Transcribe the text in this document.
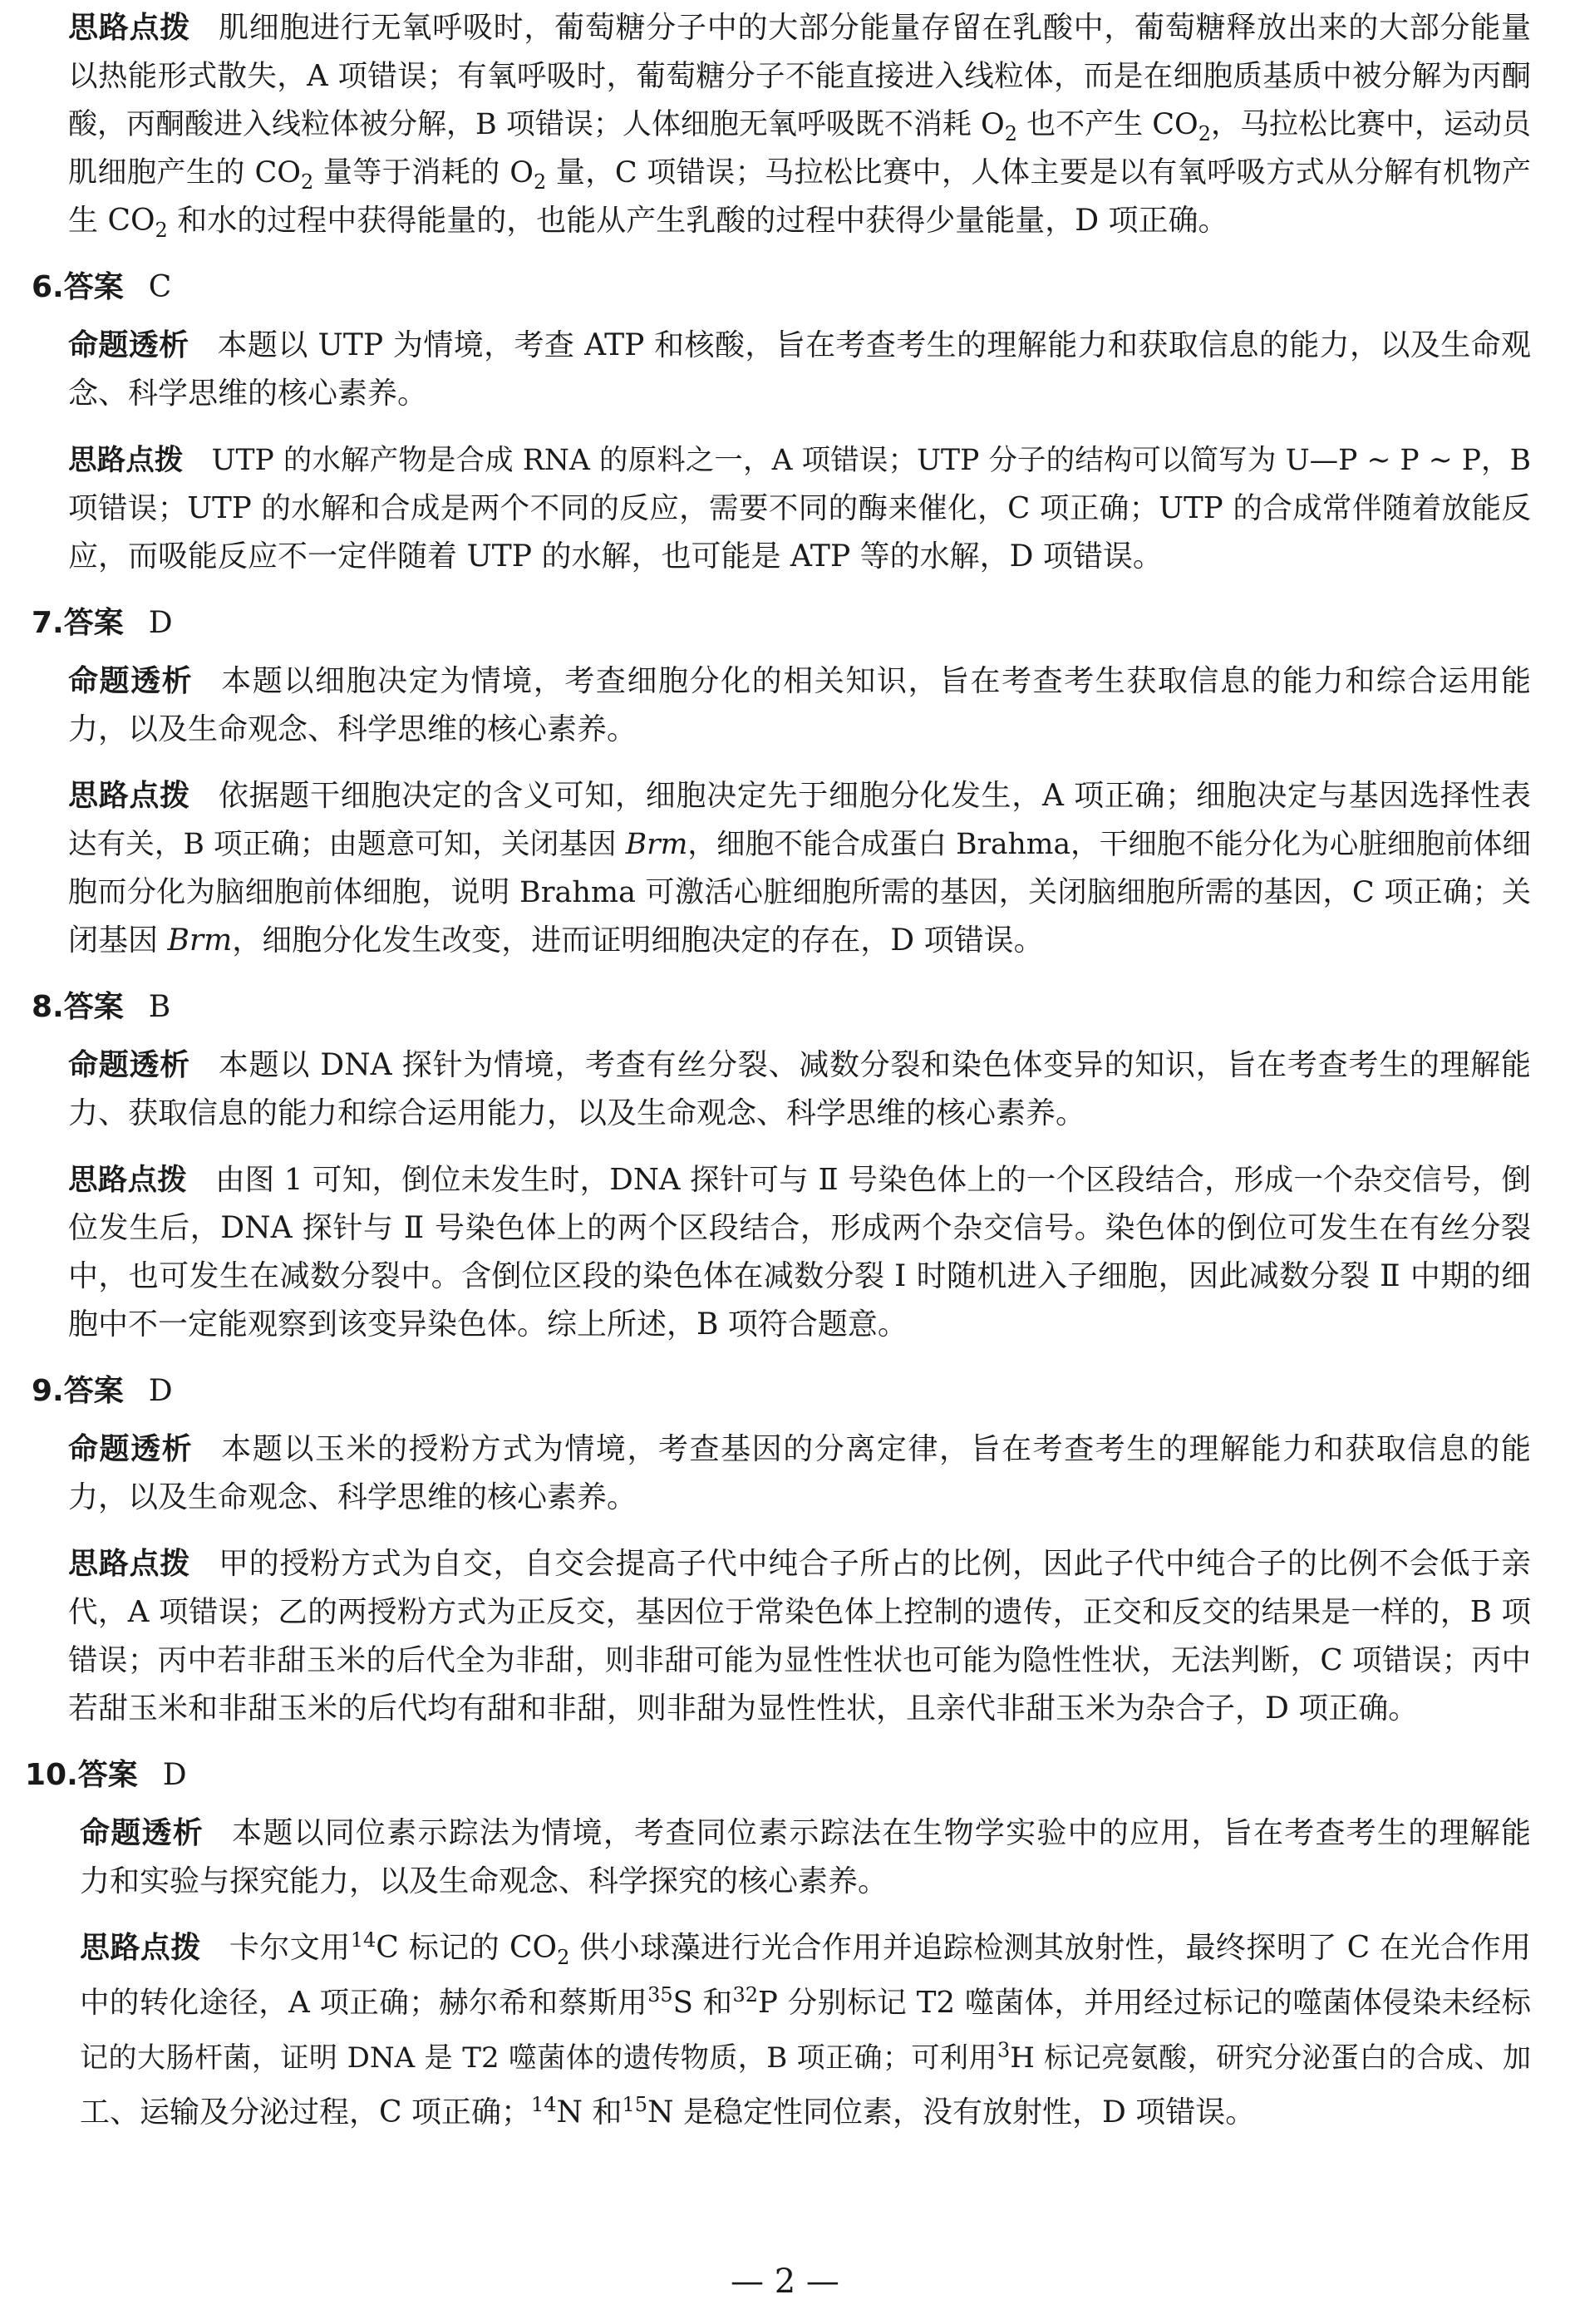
思路点拨 肌细胞进行无氧呼吸时，葡萄糖分子中的大部分能量存留在乳酸中，葡萄糖释放出来的大部分能量
以热能形式散失，A 项错误；有氧呼吸时，葡萄糖分子不能直接进入线粒体，而是在细胞质基质中被分解为丙酮
酸，丙酮酸进入线粒体被分解，B 项错误；人体细胞无氧呼吸既不消耗 $O_2$ 也不产生 $CO_2$，马拉松比赛中，运动员
肌细胞产生的 $CO_2$ 量等于消耗的 $O_2$ 量，C 项错误；马拉松比赛中，人体主要是以有氧呼吸方式从分解有机物产
生 $CO_2$ 和水的过程中获得能量的，也能从产生乳酸的过程中获得少量能量，D 项正确。
6.答案 C
命题透析 本题以 UTP 为情境，考查 ATP 和核酸，旨在考查考生的理解能力和获取信息的能力，以及生命观
念、科学思维的核心素养。
思路点拨 UTP 的水解产物是合成 RNA 的原料之一，A 项错误；UTP 分子的结构可以简写为 U—P ~ P ~ P，B
项错误；UTP 的水解和合成是两个不同的反应，需要不同的酶来催化，C 项正确；UTP 的合成常伴随着放能反
应，而吸能反应不一定伴随着 UTP 的水解，也可能是 ATP 等的水解，D 项错误。
7.答案 D
命题透析 本题以细胞决定为情境，考查细胞分化的相关知识，旨在考查考生获取信息的能力和综合运用能
力，以及生命观念、科学思维的核心素养。
思路点拨 依据题干细胞决定的含义可知，细胞决定先于细胞分化发生，A 项正确；细胞决定与基因选择性表
达有关，B 项正确；由题意可知，关闭基因 Brm，细胞不能合成蛋白 Brahma，干细胞不能分化为心脏细胞前体细
胞而分化为脑细胞前体细胞，说明 Brahma 可激活心脏细胞所需的基因，关闭脑细胞所需的基因，C 项正确；关
闭基因 Brm，细胞分化发生改变，进而证明细胞决定的存在，D 项错误。
8.答案 B
命题透析 本题以 DNA 探针为情境，考查有丝分裂、减数分裂和染色体变异的知识，旨在考查考生的理解能
力、获取信息的能力和综合运用能力，以及生命观念、科学思维的核心素养。
思路点拨 由图 1 可知，倒位未发生时，DNA 探针可与 Ⅱ 号染色体上的一个区段结合，形成一个杂交信号，倒
位发生后，DNA 探针与 Ⅱ 号染色体上的两个区段结合，形成两个杂交信号。染色体的倒位可发生在有丝分裂
中，也可发生在减数分裂中。含倒位区段的染色体在减数分裂 Ⅰ 时随机进入子细胞，因此减数分裂 Ⅱ 中期的细
胞中不一定能观察到该变异染色体。综上所述，B 项符合题意。
9.答案 D
命题透析 本题以玉米的授粉方式为情境，考查基因的分离定律，旨在考查考生的理解能力和获取信息的能
力，以及生命观念、科学思维的核心素养。
思路点拨 甲的授粉方式为自交，自交会提高子代中纯合子所占的比例，因此子代中纯合子的比例不会低于亲
代，A 项错误；乙的两授粉方式为正反交，基因位于常染色体上控制的遗传，正交和反交的结果是一样的，B 项
错误；丙中若非甜玉米的后代全为非甜，则非甜可能为显性性状也可能为隐性性状，无法判断，C 项错误；丙中
若甜玉米和非甜玉米的后代均有甜和非甜，则非甜为显性性状，且亲代非甜玉米为杂合子，D 项正确。
10.答案 D
命题透析 本题以同位素示踪法为情境，考查同位素示踪法在生物学实验中的应用，旨在考查考生的理解能
力和实验与探究能力，以及生命观念、科学探究的核心素养。
思路点拨 卡尔文用$^{14}$C 标记的 $CO_2$ 供小球藻进行光合作用并追踪检测其放射性，最终探明了 C 在光合作用
中的转化途径，A 项正确；赫尔希和蔡斯用$^{35}$S 和$^{32}$P 分别标记 T2 噬菌体，并用经过标记的噬菌体侵染未经标
记的大肠杆菌，证明 DNA 是 T2 噬菌体的遗传物质，B 项正确；可利用$^3$H 标记亮氨酸，研究分泌蛋白的合成、加
工、运输及分泌过程，C 项正确；$^{14}$N 和$^{15}$N 是稳定性同位素，没有放射性，D 项错误。
— 2 —
